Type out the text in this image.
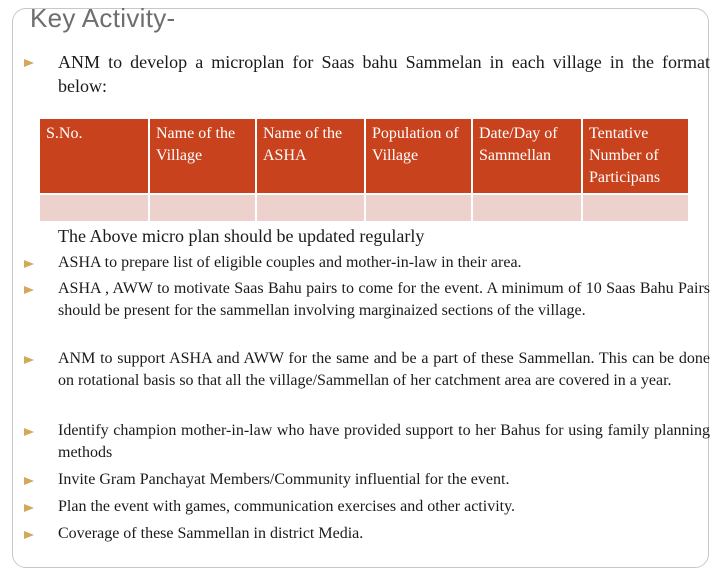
Key Activity-
ANM to develop a microplan for Saas bahu Sammelan in each village in the format below:
S.No.	Name of the Village	Name of the ASHA	Population of Village	Date/Day of Sammellan	Tentative Number of Participans

The Above micro plan should be updated regularly
ASHA to prepare list of eligible couples and mother-in-law in their area.
ASHA , AWW to motivate Saas Bahu pairs to come for the event. A minimum of 10 Saas Bahu Pairs should be present for the sammellan involving marginaized sections of the village.
ANM to support ASHA and AWW for the same and be a part of these Sammellan. This can be done on rotational basis so that all the village/Sammellan of her catchment area are covered in a year.
Identify champion mother-in-law who have provided support to her Bahus for using family planning methods
Invite Gram Panchayat Members/Community influential for the event.
Plan the event with games, communication exercises and other activity.
Coverage of these Sammellan in district Media.
